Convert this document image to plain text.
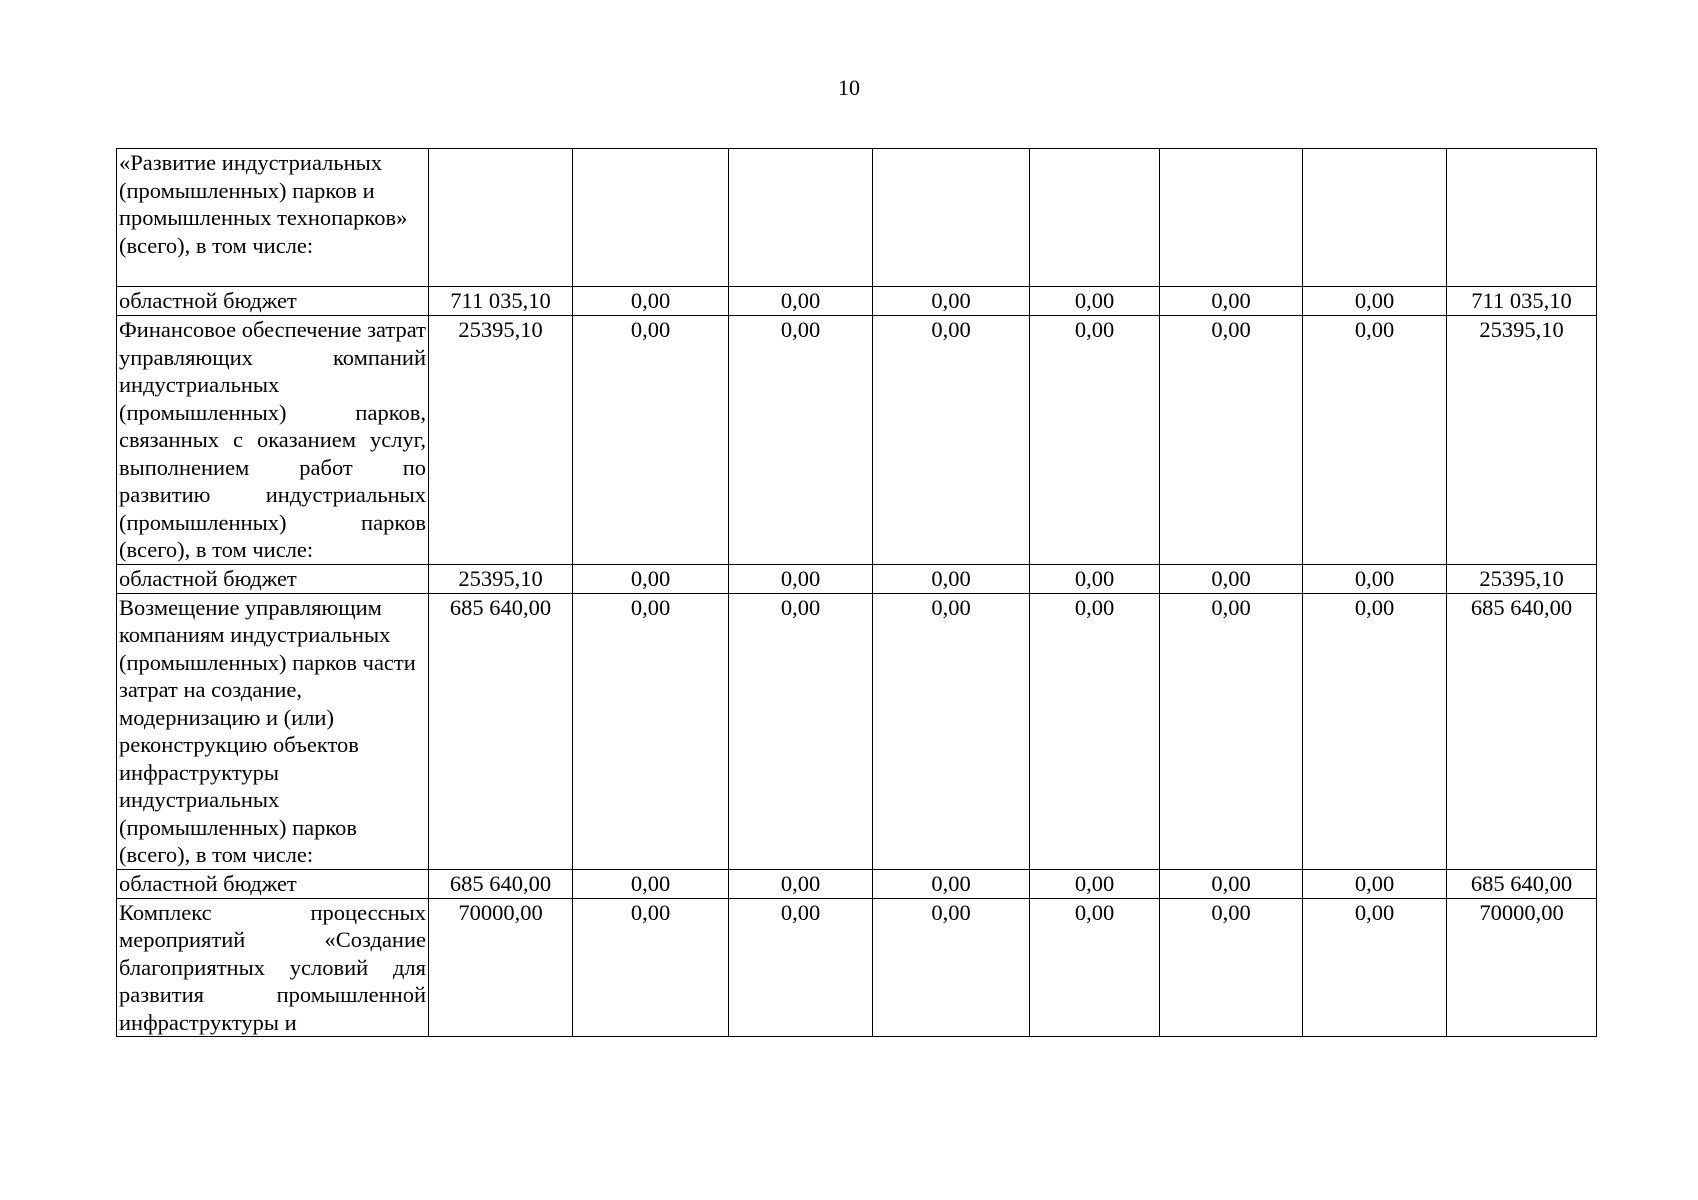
10
«Развитие индустриальных (промышленных) парков и промышленных технопарков» (всего), в том числе:								
областной бюджет	711 035,10	0,00	0,00	0,00	0,00	0,00	0,00	711 035,10
Финансовое обеспечение затрат управляющих компаний индустриальных (промышленных) парков, связанных с оказанием услуг, выполнением работ по развитию индустриальных (промышленных) парков (всего), в том числе:	25395,10	0,00	0,00	0,00	0,00	0,00	0,00	25395,10
областной бюджет	25395,10	0,00	0,00	0,00	0,00	0,00	0,00	25395,10
Возмещение управляющим компаниям индустриальных (промышленных) парков части затрат на создание, модернизацию и (или) реконструкцию объектов инфраструктуры индустриальных (промышленных) парков (всего), в том числе:	685 640,00	0,00	0,00	0,00	0,00	0,00	0,00	685 640,00
областной бюджет	685 640,00	0,00	0,00	0,00	0,00	0,00	0,00	685 640,00
Комплекс процессных мероприятий «Создание благоприятных условий для развития промышленной инфраструктуры и	70000,00	0,00	0,00	0,00	0,00	0,00	0,00	70000,00
